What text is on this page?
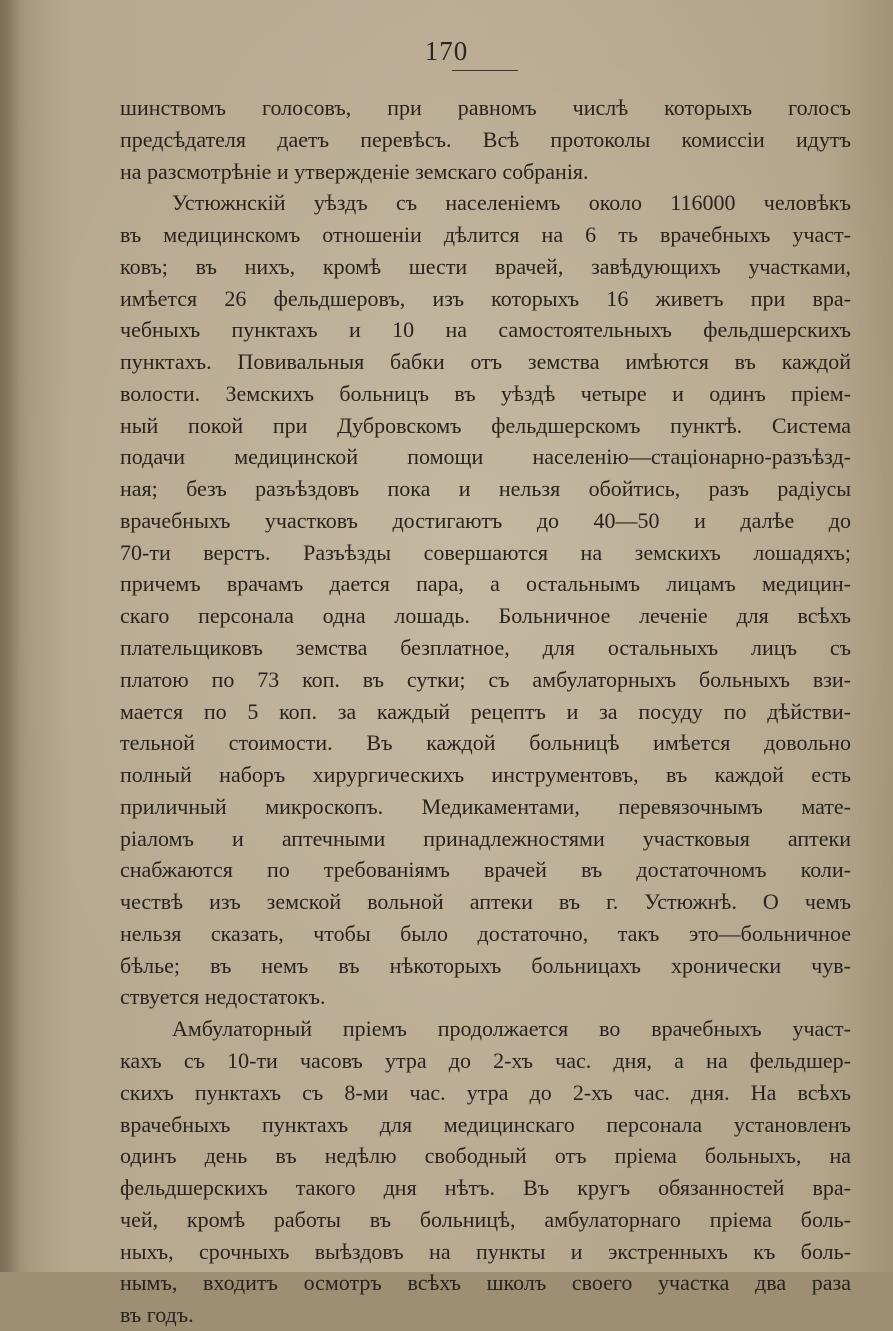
170
шинствомъ голосовъ, при равномъ числѣ которыхъ голосъ
предсѣдателя даетъ перевѣсъ. Всѣ протоколы комиссіи идутъ
на разсмотрѣніе и утвержденіе земскаго собранія.
Устюжнскій уѣздъ съ населеніемъ около 116000 человѣкъ
въ медицинскомъ отношеніи дѣлится на 6 ть врачебныхъ участ-
ковъ; въ нихъ, кромѣ шести врачей, завѣдующихъ участками,
имѣется 26 фельдшеровъ, изъ которыхъ 16 живетъ при вра-
чебныхъ пунктахъ и 10 на самостоятельныхъ фельдшерскихъ
пунктахъ. Повивальныя бабки отъ земства имѣются въ каждой
волости. Земскихъ больницъ въ уѣздѣ четыре и одинъ пріем-
ный покой при Дубровскомъ фельдшерскомъ пунктѣ. Система
подачи медицинской помощи населенію—стаціонарно-разъѣзд-
ная; безъ разъѣздовъ пока и нельзя обойтись, разъ радіусы
врачебныхъ участковъ достигаютъ до 40—50 и далѣе до
70-ти верстъ. Разъѣзды совершаются на земскихъ лошадяхъ;
причемъ врачамъ дается пара, а остальнымъ лицамъ медицин-
скаго персонала одна лошадь. Больничное леченіе для всѣхъ
плательщиковъ земства безплатное, для остальныхъ лицъ съ
платою по 73 коп. въ сутки; съ амбулаторныхъ больныхъ взи-
мается по 5 коп. за каждый рецептъ и за посуду по дѣйстви-
тельной стоимости. Въ каждой больницѣ имѣется довольно
полный наборъ хирургическихъ инструментовъ, въ каждой есть
приличный микроскопъ. Медикаментами, перевязочнымъ мате-
ріаломъ и аптечными принадлежностями участковыя аптеки
снабжаются по требованіямъ врачей въ достаточномъ коли-
чествѣ изъ земской вольной аптеки въ г. Устюжнѣ. О чемъ
нельзя сказать, чтобы было достаточно, такъ это—больничное
бѣлье; въ немъ въ нѣкоторыхъ больницахъ хронически чув-
ствуется недостатокъ.
Амбулаторный пріемъ продолжается во врачебныхъ участ-
кахъ съ 10-ти часовъ утра до 2-хъ час. дня, а на фельдшер-
скихъ пунктахъ съ 8-ми час. утра до 2-хъ час. дня. На всѣхъ
врачебныхъ пунктахъ для медицинскаго персонала установленъ
одинъ день въ недѣлю свободный отъ пріема больныхъ, на
фельдшерскихъ такого дня нѣтъ. Въ кругъ обязанностей вра-
чей, кромѣ работы въ больницѣ, амбулаторнаго пріема боль-
ныхъ, срочныхъ выѣздовъ на пункты и экстренныхъ къ боль-
нымъ, входитъ осмотръ всѣхъ школъ своего участка два раза
въ годъ.
